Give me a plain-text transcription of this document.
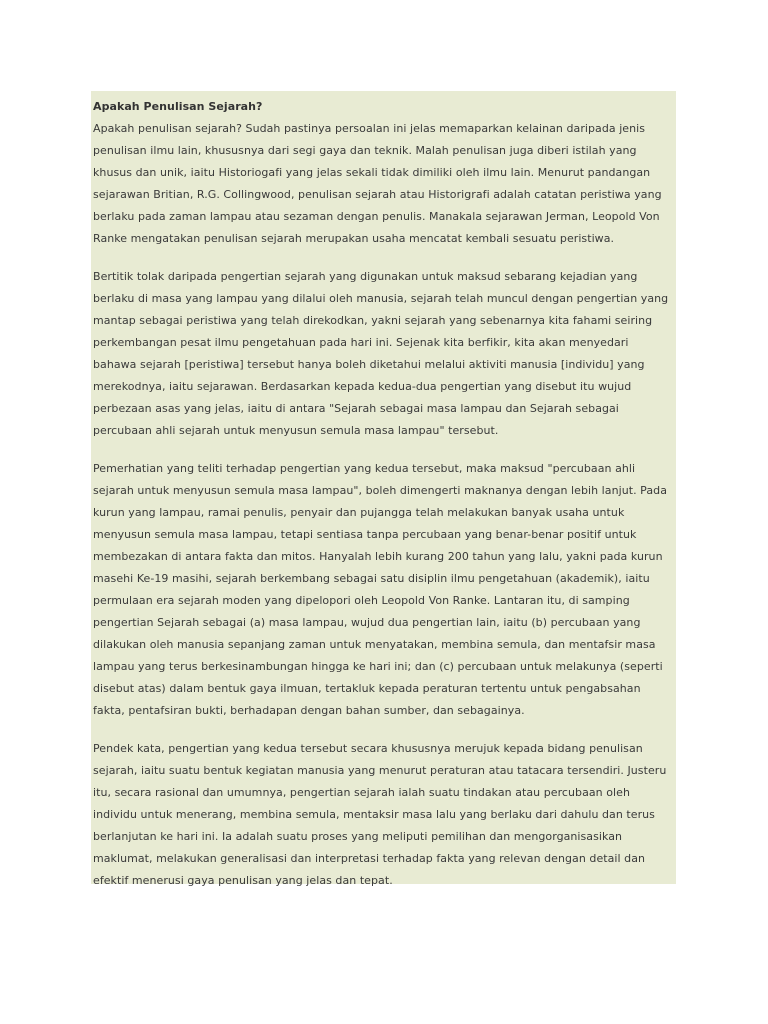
Apakah Penulisan Sejarah?

Apakah penulisan sejarah? Sudah pastinya persoalan ini jelas memaparkan kelainan daripada jenis penulisan ilmu lain, khususnya dari segi gaya dan teknik. Malah penulisan juga diberi istilah yang khusus dan unik, iaitu Historiogafi yang jelas sekali tidak dimiliki oleh ilmu lain. Menurut pandangan sejarawan Britian, R.G. Collingwood, penulisan sejarah atau Historigrafi adalah catatan peristiwa yang berlaku pada zaman lampau atau sezaman dengan penulis. Manakala sejarawan Jerman, Leopold Von Ranke mengatakan penulisan sejarah merupakan usaha mencatat kembali sesuatu peristiwa.

Bertitik tolak daripada pengertian sejarah yang digunakan untuk maksud sebarang kejadian yang berlaku di masa yang lampau yang dilalui oleh manusia, sejarah telah muncul dengan pengertian yang mantap sebagai peristiwa yang telah direkodkan, yakni sejarah yang sebenarnya kita fahami seiring perkembangan pesat ilmu pengetahuan pada hari ini. Sejenak kita berfikir, kita akan menyedari bahawa sejarah [peristiwa] tersebut hanya boleh diketahui melalui aktiviti manusia [individu] yang merekodnya, iaitu sejarawan. Berdasarkan kepada kedua-dua pengertian yang disebut itu wujud perbezaan asas yang jelas, iaitu di antara "Sejarah sebagai masa lampau dan Sejarah sebagai percubaan ahli sejarah untuk menyusun semula masa lampau" tersebut.

Pemerhatian yang teliti terhadap pengertian yang kedua tersebut, maka maksud "percubaan ahli sejarah untuk menyusun semula masa lampau", boleh dimengerti maknanya dengan lebih lanjut. Pada kurun yang lampau, ramai penulis, penyair dan pujangga telah melakukan banyak usaha untuk menyusun semula masa lampau, tetapi sentiasa tanpa percubaan yang benar-benar positif untuk membezakan di antara fakta dan mitos. Hanyalah lebih kurang 200 tahun yang lalu, yakni pada kurun masehi Ke-19 masihi, sejarah berkembang sebagai satu disiplin ilmu pengetahuan (akademik), iaitu permulaan era sejarah moden yang dipelopori oleh Leopold Von Ranke. Lantaran itu, di samping pengertian Sejarah sebagai (a) masa lampau, wujud dua pengertian lain, iaitu (b) percubaan yang dilakukan oleh manusia sepanjang zaman untuk menyatakan, membina semula, dan mentafsir masa lampau yang terus berkesinambungan hingga ke hari ini; dan (c) percubaan untuk melakunya (seperti disebut atas) dalam bentuk gaya ilmuan, tertakluk kepada peraturan tertentu untuk pengabsahan fakta, pentafsiran bukti, berhadapan dengan bahan sumber, dan sebagainya.

Pendek kata, pengertian yang kedua tersebut secara khususnya merujuk kepada bidang penulisan sejarah, iaitu suatu bentuk kegiatan manusia yang menurut peraturan atau tatacara tersendiri. Justeru itu, secara rasional dan umumnya, pengertian sejarah ialah suatu tindakan atau percubaan oleh individu untuk menerang, membina semula, mentaksir masa lalu yang berlaku dari dahulu dan terus berlanjutan ke hari ini. Ia adalah suatu proses yang meliputi pemilihan dan mengorganisasikan maklumat, melakukan generalisasi dan interpretasi terhadap fakta yang relevan dengan detail dan efektif menerusi gaya penulisan yang jelas dan tepat.
